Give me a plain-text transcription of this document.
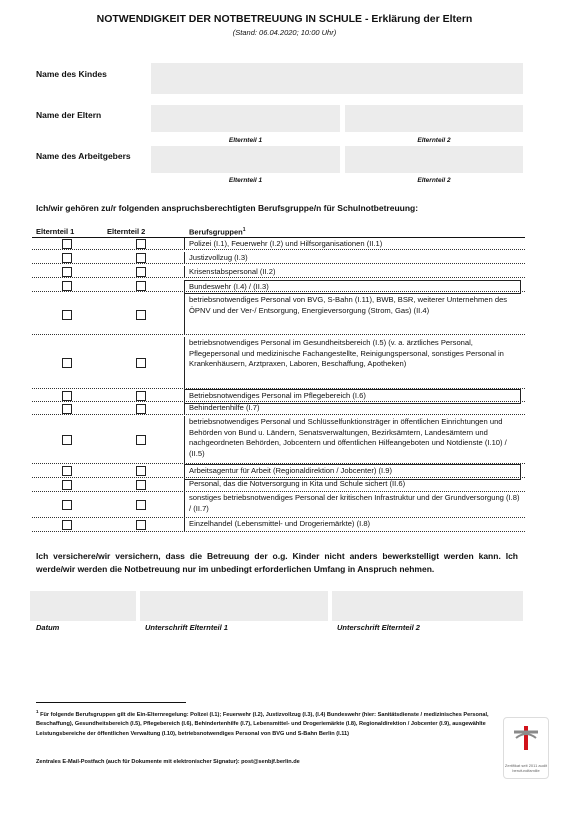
NOTWENDIGKEIT DER NOTBETREUUNG IN SCHULE - Erklärung der Eltern
(Stand: 06.04.2020; 10:00 Uhr)
Name des Kindes
Name der Eltern
Elternteil 1	Elternteil 2
Name des Arbeitgebers
Elternteil 1	Elternteil 2
Ich/wir gehören zu/r folgenden anspruchsberechtigten Berufsgruppe/n für Schulnotbetreuung:
Elternteil 1	Elternteil 2	Berufsgruppen$^1$
Polizei (I.1), Feuerwehr (I.2) und Hilfsorganisationen (II.1)
Justizvollzug (I.3)
Krisenstabspersonal (II.2)
Bundeswehr (I.4) / (II.3)
betriebsnotwendiges Personal von BVG, S-Bahn (I.11), BWB, BSR, weiterer Unternehmen des ÖPNV und der Ver-/ Entsorgung, Energieversorgung (Strom, Gas) (II.4)
betriebsnotwendiges Personal im Gesundheitsbereich (I.5) (v. a. ärztliches Personal, Pflegepersonal und medizinische Fachangestellte, Reinigungspersonal, sonstiges Personal in Krankenhäusern, Arztpraxen, Laboren, Beschaffung, Apotheken)
Betriebsnotwendiges Personal im Pflegebereich (I.6)
Behindertenhilfe (I.7)
betriebsnotwendiges Personal und Schlüsselfunktionsträger in öffentlichen Einrichtungen und Behörden von Bund u. Ländern, Senatsverwaltungen, Bezirksämtern, Landesämtern und nachgeordneten Behörden, Jobcentern und öffentlichen Hilfeangeboten und Notdienste (I.10) / (II.5)
Arbeitsagentur für Arbeit (Regionaldirektion / Jobcenter) (I.9)
Personal, das die Notversorgung in Kita und Schule sichert (II.6)
sonstiges betriebsnotwendiges Personal der kritischen Infrastruktur und der Grundversorgung (I.8) / (II.7)
Einzelhandel (Lebensmittel- und Drogeriemärkte) (I.8)
Ich versichere/wir versichern, dass die Betreuung der o.g. Kinder nicht anders bewerkstelligt werden kann. Ich werde/wir werden die Notbetreuung nur im unbedingt erforderlichen Umfang in Anspruch nehmen.
Datum	Unterschrift Elternteil 1	Unterschrift Elternteil 2
$^1$ Für folgende Berufsgruppen gilt die Ein-Elternregelung: Polizei (I.1); Feuerwehr (I.2), Justizvollzug (I.3), (I.4) Bundeswehr (hier: Sanitätsdienste / medizinisches Personal, Beschaffung), Gesundheitsbereich (I.5), Pflegebereich (I.6), Behindertenhilfe (I.7), Lebensmittel- und Drogeriemärkte (I.8), Regionaldirektion / Jobcenter (I.9), ausgewählte Leistungsbereiche der öffentlichen Verwaltung (I.10), betriebsnotwendiges Personal von BVG und S-Bahn Berlin (I.11)
Zentrales E-Mail-Postfach (auch für Dokumente mit elektronischer Signatur): post@senbjf.berlin.de
Zertifikat seit 2011 audit berufundfamilie
